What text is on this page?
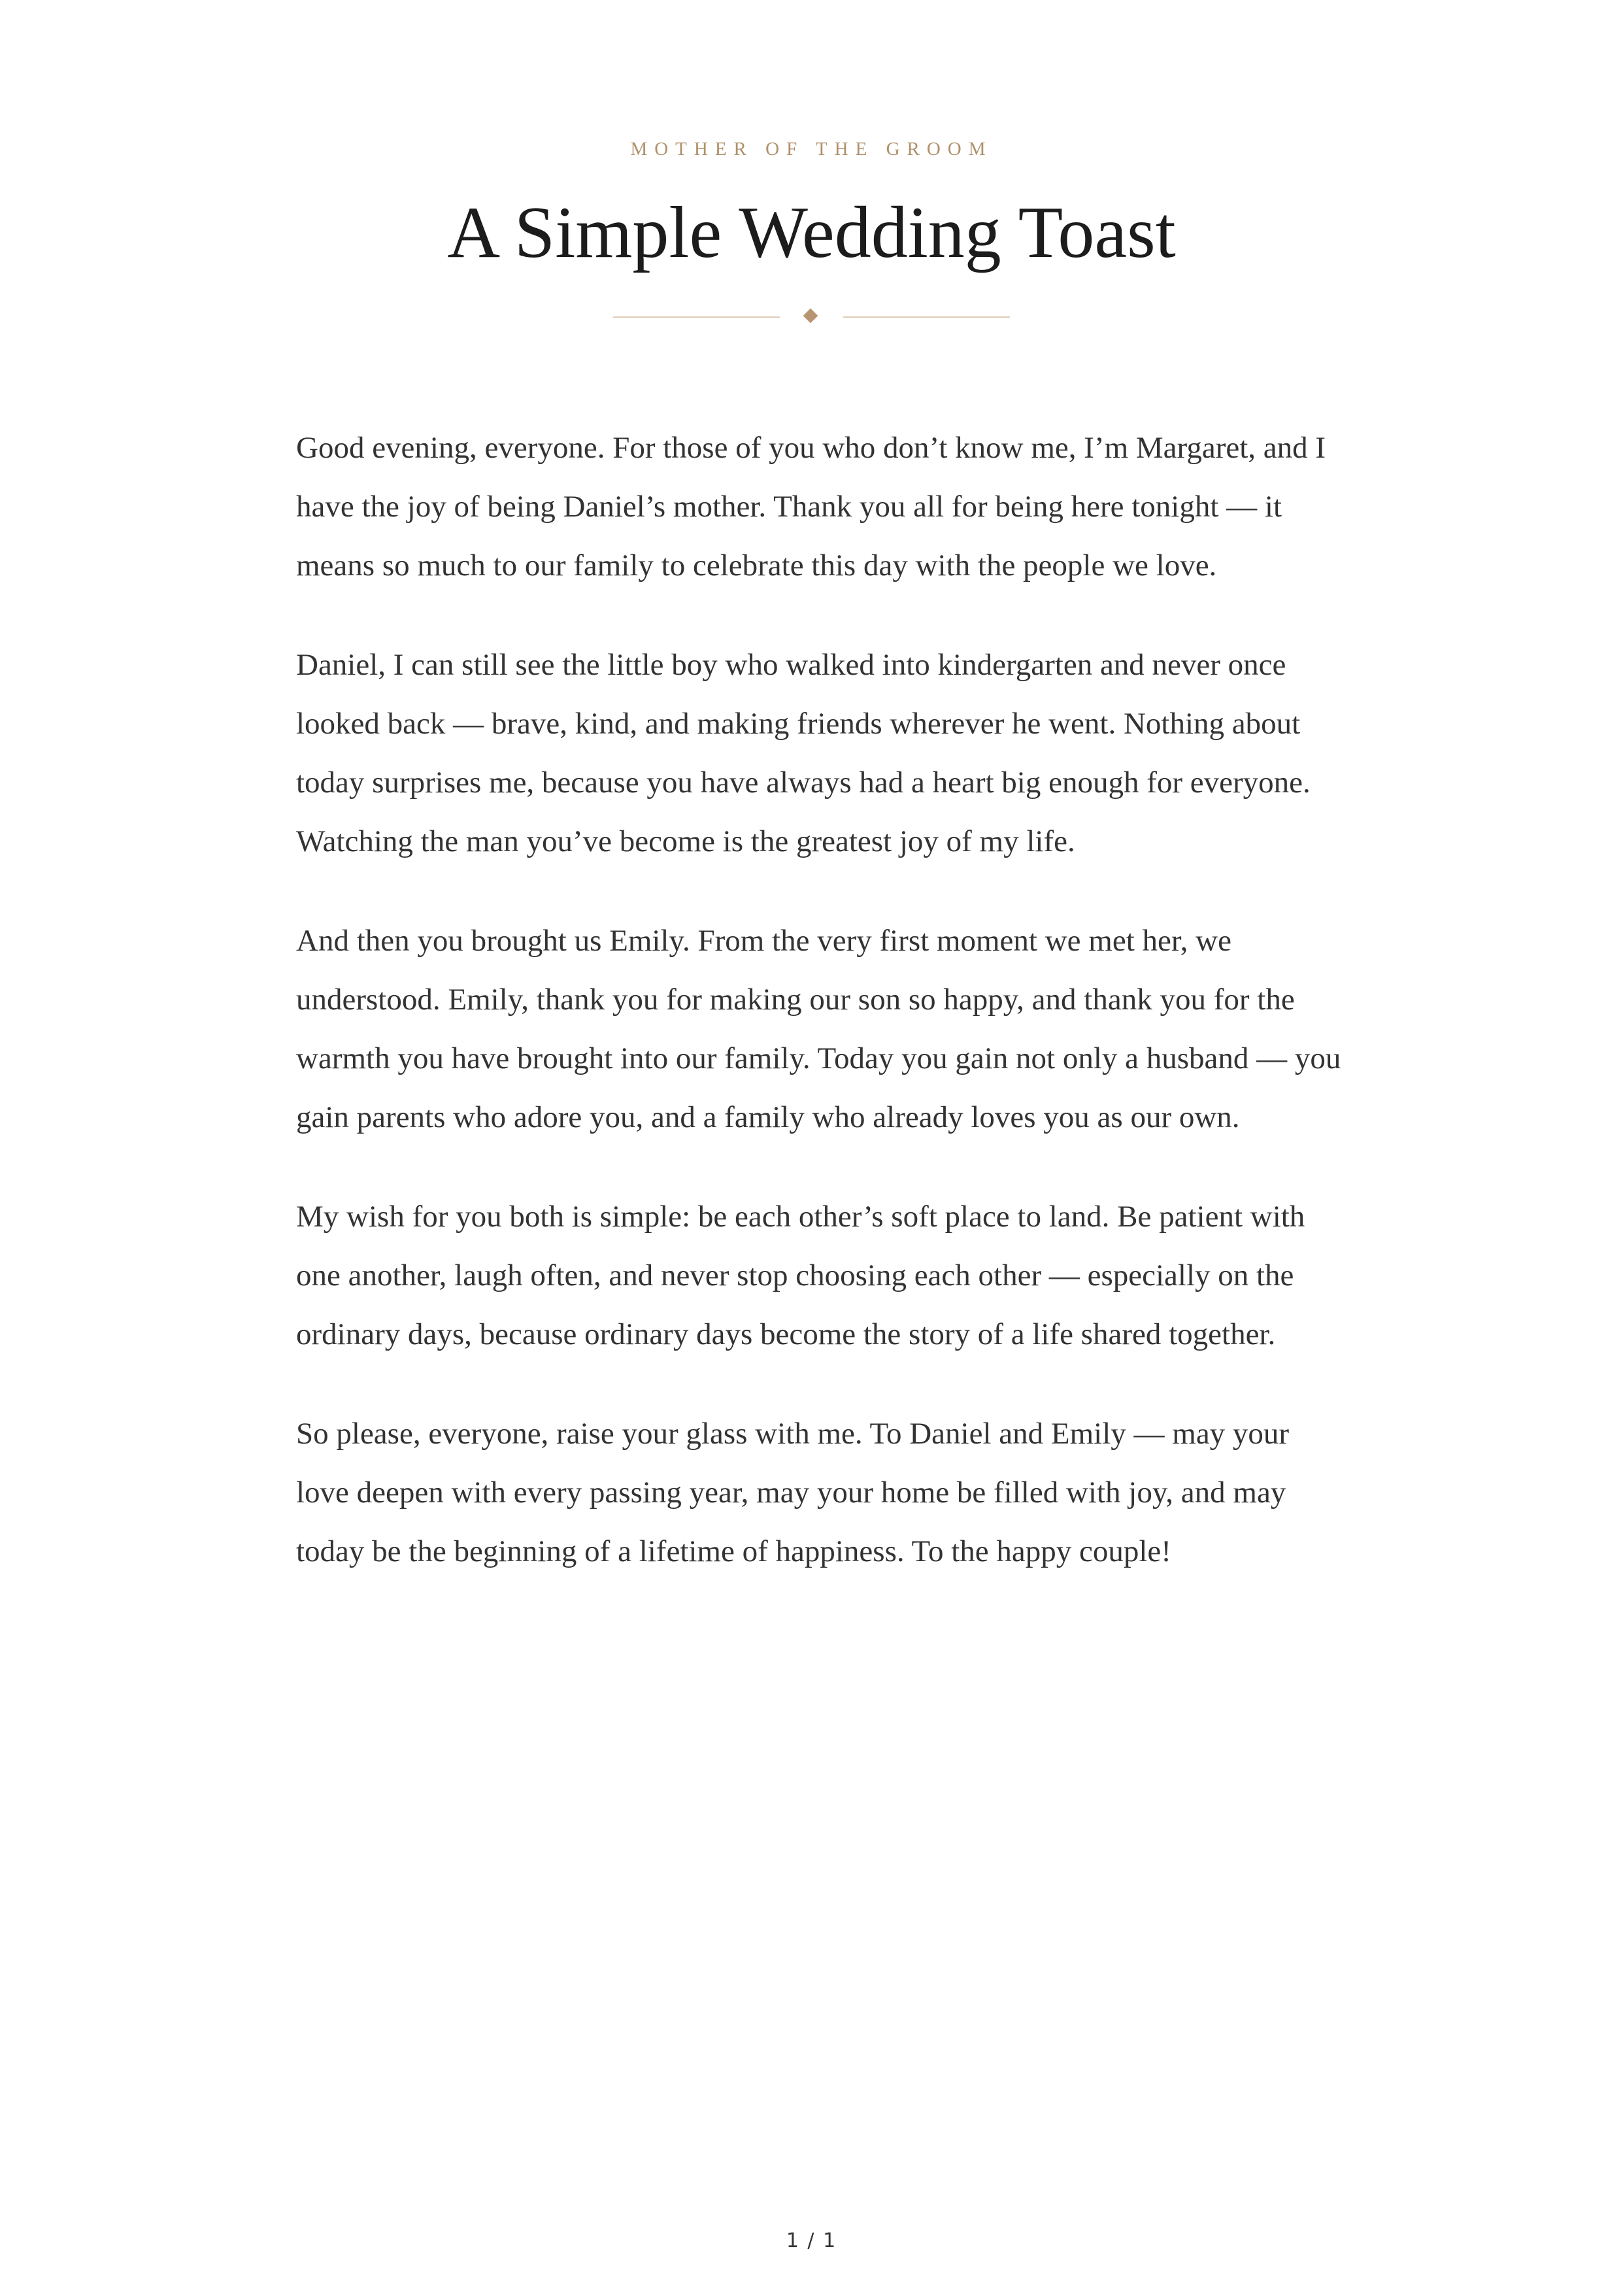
MOTHER OF THE GROOM
A Simple Wedding Toast

Good evening, everyone. For those of you who don’t know me, I’m Margaret, and I have the joy of being Daniel’s mother. Thank you all for being here tonight — it means so much to our family to celebrate this day with the people we love.

Daniel, I can still see the little boy who walked into kindergarten and never once looked back — brave, kind, and making friends wherever he went. Nothing about today surprises me, because you have always had a heart big enough for everyone. Watching the man you’ve become is the greatest joy of my life.

And then you brought us Emily. From the very first moment we met her, we understood. Emily, thank you for making our son so happy, and thank you for the warmth you have brought into our family. Today you gain not only a husband — you gain parents who adore you, and a family who already loves you as our own.

My wish for you both is simple: be each other’s soft place to land. Be patient with one another, laugh often, and never stop choosing each other — especially on the ordinary days, because ordinary days become the story of a life shared together.

So please, everyone, raise your glass with me. To Daniel and Emily — may your love deepen with every passing year, may your home be filled with joy, and may today be the beginning of a lifetime of happiness. To the happy couple!

1 / 1
